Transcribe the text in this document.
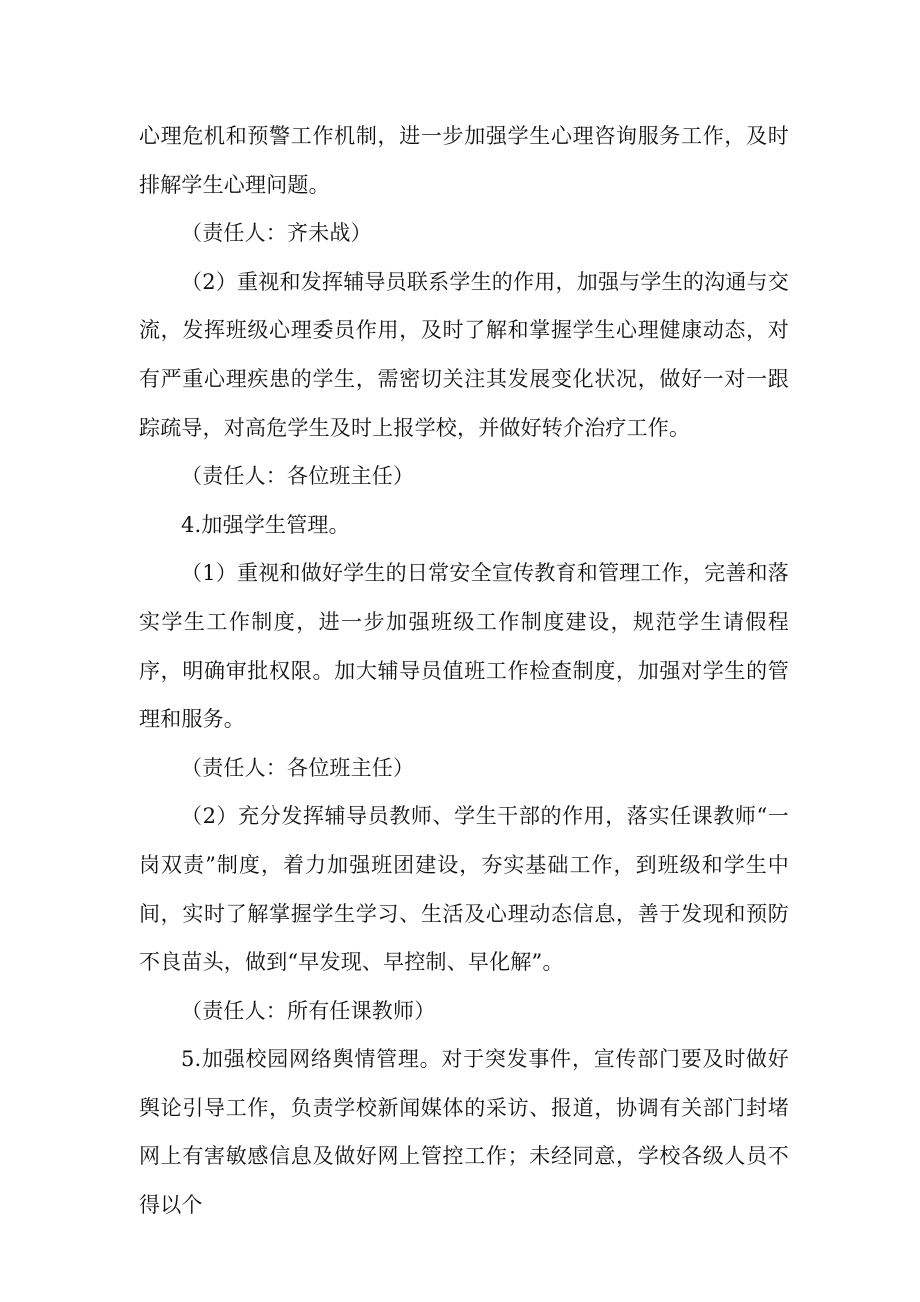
心理危机和预警工作机制，进一步加强学生心理咨询服务工作，及时排解学生心理问题。

（责任人：齐未战）

（2）重视和发挥辅导员联系学生的作用，加强与学生的沟通与交流，发挥班级心理委员作用，及时了解和掌握学生心理健康动态，对有严重心理疾患的学生，需密切关注其发展变化状况，做好一对一跟踪疏导，对高危学生及时上报学校，并做好转介治疗工作。

（责任人：各位班主任）

4.加强学生管理。

（1）重视和做好学生的日常安全宣传教育和管理工作，完善和落实学生工作制度，进一步加强班级工作制度建设，规范学生请假程序，明确审批权限。加大辅导员值班工作检查制度，加强对学生的管理和服务。

（责任人：各位班主任）

（2）充分发挥辅导员教师、学生干部的作用，落实任课教师“一岗双责”制度，着力加强班团建设，夯实基础工作，到班级和学生中间，实时了解掌握学生学习、生活及心理动态信息，善于发现和预防不良苗头，做到“早发现、早控制、早化解”。

（责任人：所有任课教师）

5.加强校园网络舆情管理。对于突发事件，宣传部门要及时做好舆论引导工作，负责学校新闻媒体的采访、报道，协调有关部门封堵网上有害敏感信息及做好网上管控工作；未经同意，学校各级人员不得以个
